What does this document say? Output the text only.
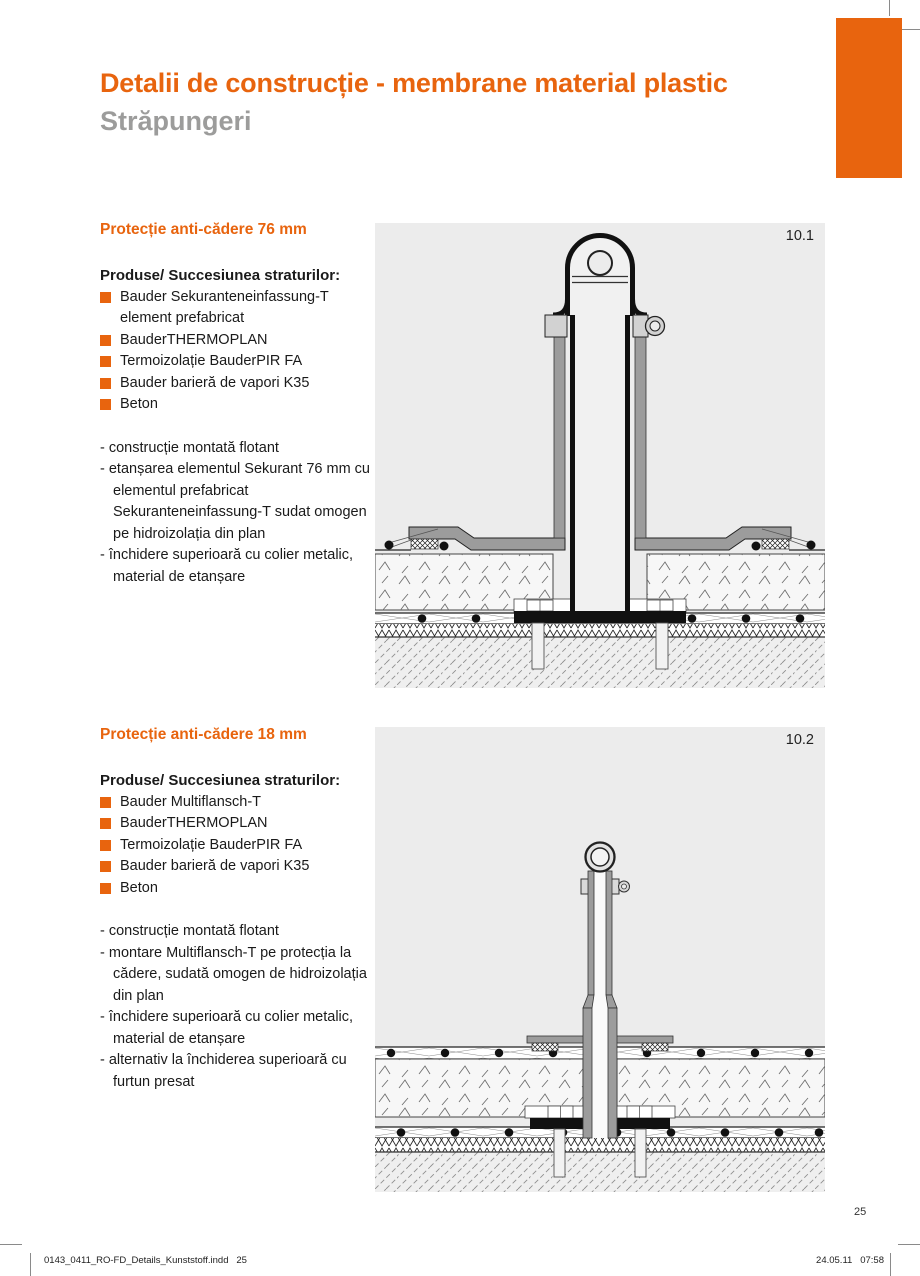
Detalii de construcție - membrane material plastic
Străpungeri
Protecție anti-cădere 76 mm

Produse/ Succesiunea straturilor:

Bauder Sekuranteneinfassung-T element prefabricat
BauderTHERMOPLAN
Termoizolație BauderPIR FA
Bauder barieră de vapori K35
Beton
- construcție montată flotant
- etanșarea elementul Sekurant 76 mm cu elementul prefabricat Sekuranteneinfassung-T sudat omogen pe hidroizolația din plan
- închidere superioară cu colier metalic, material de etanșare
Protecție anti-cădere 18 mm

Produse/ Succesiunea straturilor:

Bauder Multiflansch-T
BauderTHERMOPLAN
Termoizolație BauderPIR FA
Bauder barieră de vapori K35
Beton
- construcție montată flotant
- montare Multiflansch-T pe protecția la cădere, sudată omogen de hidroizolația din plan
- închidere superioară cu colier metalic, material de etanșare
- alternativ la închiderea superioară cu furtun presat
10.1
10.2
25
0143_0411_RO-FD_Details_Kunststoff.indd   25	24.05.11   07:58
